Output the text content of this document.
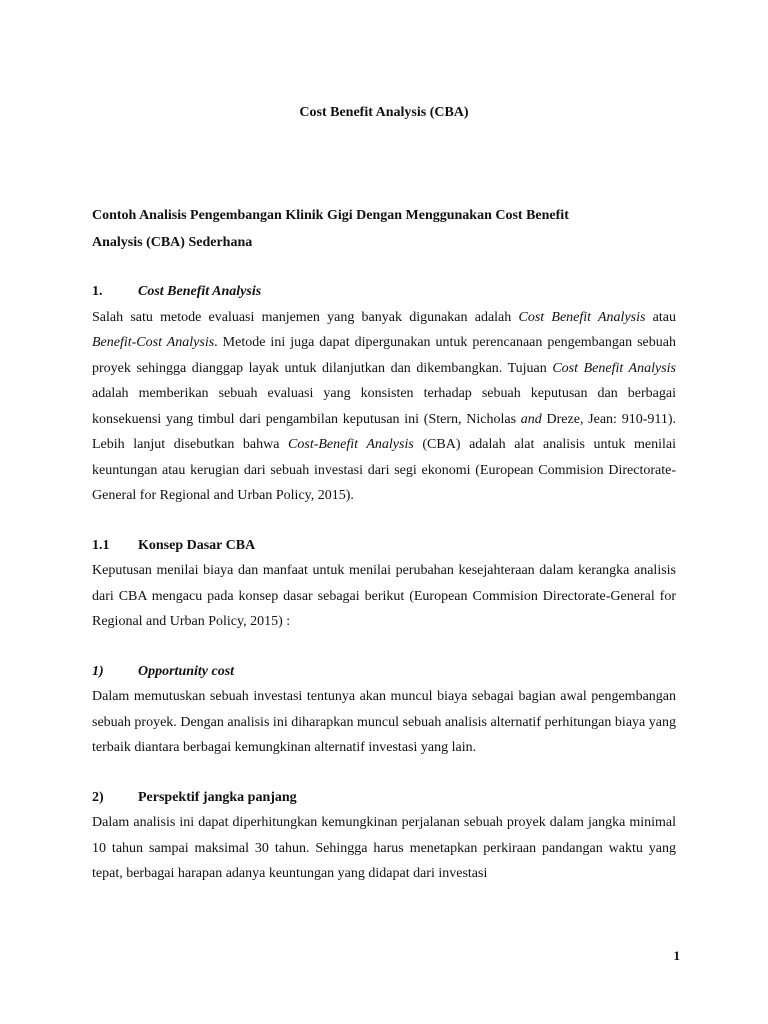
Cost Benefit Analysis (CBA)

Contoh Analisis Pengembangan Klinik Gigi Dengan Menggunakan Cost Benefit
Analysis (CBA) Sederhana

1.	Cost Benefit Analysis

Salah satu metode evaluasi manjemen yang banyak digunakan adalah Cost Benefit Analysis atau Benefit-Cost Analysis. Metode ini juga dapat dipergunakan untuk perencanaan pengembangan sebuah proyek sehingga dianggap layak untuk dilanjutkan dan dikembangkan. Tujuan Cost Benefit Analysis adalah memberikan sebuah evaluasi yang konsisten terhadap sebuah keputusan dan berbagai konsekuensi yang timbul dari pengambilan keputusan ini (Stern, Nicholas and Dreze, Jean: 910-911). Lebih lanjut disebutkan bahwa Cost-Benefit Analysis (CBA) adalah alat analisis untuk menilai keuntungan atau kerugian dari sebuah investasi dari segi ekonomi (European Commision Directorate-General for Regional and Urban Policy, 2015).

1.1	Konsep Dasar CBA

Keputusan menilai biaya dan manfaat untuk menilai perubahan kesejahteraan dalam kerangka analisis dari CBA mengacu pada konsep dasar sebagai berikut (European Commision Directorate-General for Regional and Urban Policy, 2015) :

1)	Opportunity cost

Dalam memutuskan sebuah investasi tentunya akan muncul biaya sebagai bagian awal pengembangan sebuah proyek. Dengan analisis ini diharapkan muncul sebuah analisis alternatif perhitungan biaya yang terbaik diantara berbagai kemungkinan alternatif investasi yang lain.

2)	Perspektif jangka panjang

Dalam analisis ini dapat diperhitungkan kemungkinan perjalanan sebuah proyek dalam jangka minimal 10 tahun sampai maksimal 30 tahun. Sehingga harus menetapkan perkiraan pandangan waktu yang tepat, berbagai harapan adanya keuntungan yang didapat dari investasi

1
